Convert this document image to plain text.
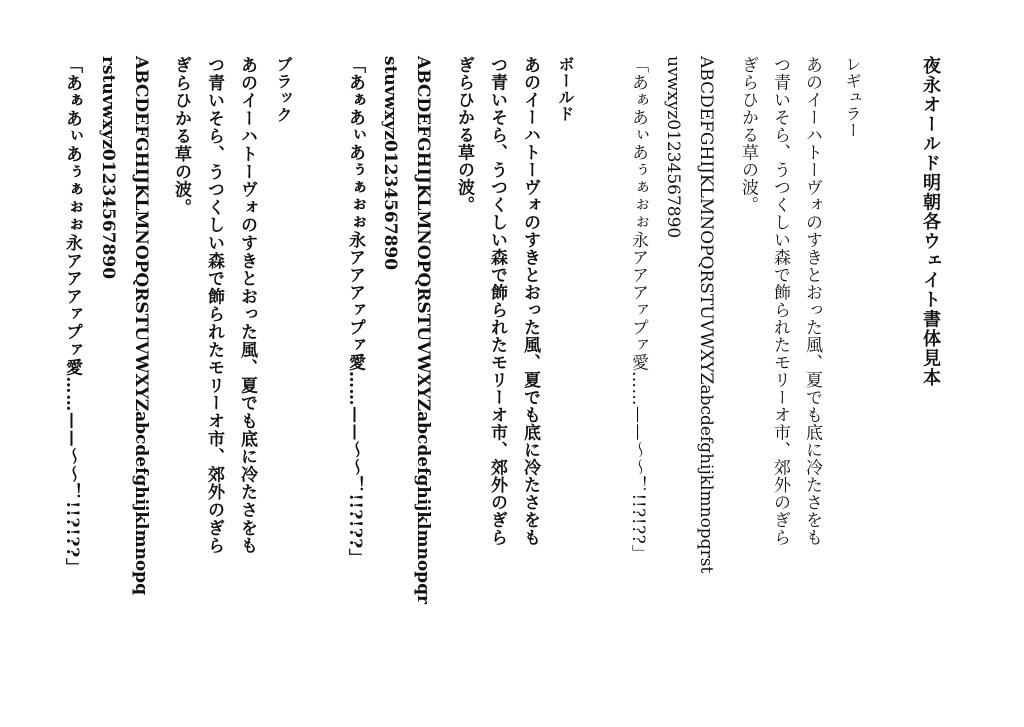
夜永オールド明朝各ウェイト書体見本
レギュラー
あのイーハトーヴォのすきとおった風、夏でも底に冷たさをも
つ青いそら、うつくしい森で飾られたモリーオ市、郊外のぎら
ぎらひかる草の波。
ABCDEFGHIJKLMNOPQRSTUVWXYZabcdefghijklmnopqrst
uvwxyz01234567890
「あぁあぃあぅぁぉぉ永アアアァプァ愛……——〜〜！!!?!??」
ボールド
あのイーハトーヴォのすきとおった風、夏でも底に冷たさをも
つ青いそら、うつくしい森で飾られたモリーオ市、郊外のぎら
ぎらひかる草の波。
ABCDEFGHIJKLMNOPQRSTUVWXYZabcdefghijklmnopqr
stuvwxyz01234567890
「あぁあぃあぅぁぉぉ永アアアァプァ愛……——〜〜！!!?!??」
ブラック
あのイーハトーヴォのすきとおった風、夏でも底に冷たさをも
つ青いそら、うつくしい森で飾られたモリーオ市、郊外のぎら
ぎらひかる草の波。
ABCDEFGHIJKLMNOPQRSTUVWXYZabcdefghijklmnopq
rstuvwxyz01234567890
「あぁあぃあぅぁぉぉ永アアアァプァ愛……——〜〜！!!?!??」
